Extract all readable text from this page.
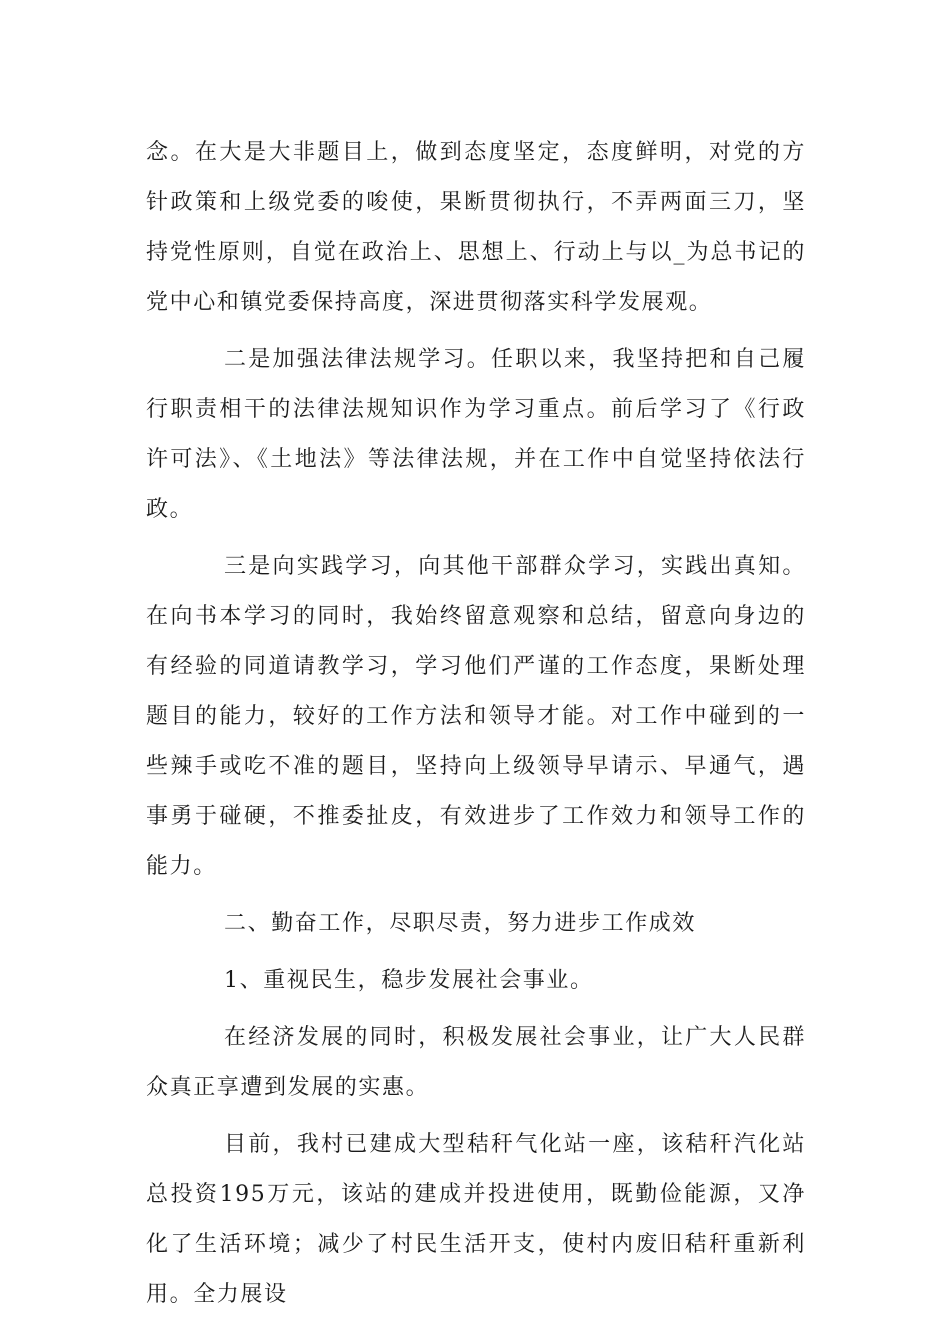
念。在大是大非题目上，做到态度坚定，态度鲜明，对党的方针政策和上级党委的唆使，果断贯彻执行，不弄两面三刀，坚持党性原则，自觉在政治上、思想上、行动上与以_为总书记的党中心和镇党委保持高度，深进贯彻落实科学发展观。

二是加强法律法规学习。任职以来，我坚持把和自己履行职责相干的法律法规知识作为学习重点。前后学习了《行政许可法》、《土地法》等法律法规，并在工作中自觉坚持依法行政。

三是向实践学习，向其他干部群众学习，实践出真知。在向书本学习的同时，我始终留意观察和总结，留意向身边的有经验的同道请教学习，学习他们严谨的工作态度，果断处理题目的能力，较好的工作方法和领导才能。对工作中碰到的一些辣手或吃不准的题目，坚持向上级领导早请示、早通气，遇事勇于碰硬，不推委扯皮，有效进步了工作效力和领导工作的能力。

二、勤奋工作，尽职尽责，努力进步工作成效

1、重视民生，稳步发展社会事业。

在经济发展的同时，积极发展社会事业，让广大人民群众真正享遭到发展的实惠。

目前，我村已建成大型秸秆气化站一座，该秸秆汽化站总投资195万元，该站的建成并投进使用，既勤俭能源，又净化了生活环境；减少了村民生活开支，使村内废旧秸秆重新利用。全力展设
